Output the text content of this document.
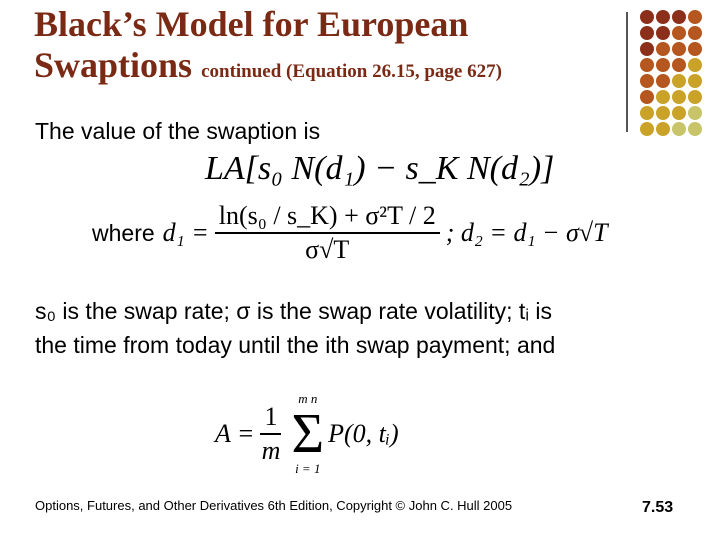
Black’s Model for European
Swaptions continued (Equation 26.15, page 627)
The value of the swaption is
LA[s₀ N(d₁) − s_K N(d₂)]
where $d_1 = \frac{\text{ln(s₀ / s\_K) + σ²T / 2}}{\sigma√T}$ ; d₂ = d₁ − σ√T
s₀ is the swap rate; σ is the swap rate volatility; tᵢ is
the time from today until the ith swap payment; and
$A = \frac{1}{m}$
m n
Σ
i = 1
P(0, tᵢ)
Options, Futures, and Other Derivatives 6th Edition, Copyright © John C. Hull 2005	7.53
